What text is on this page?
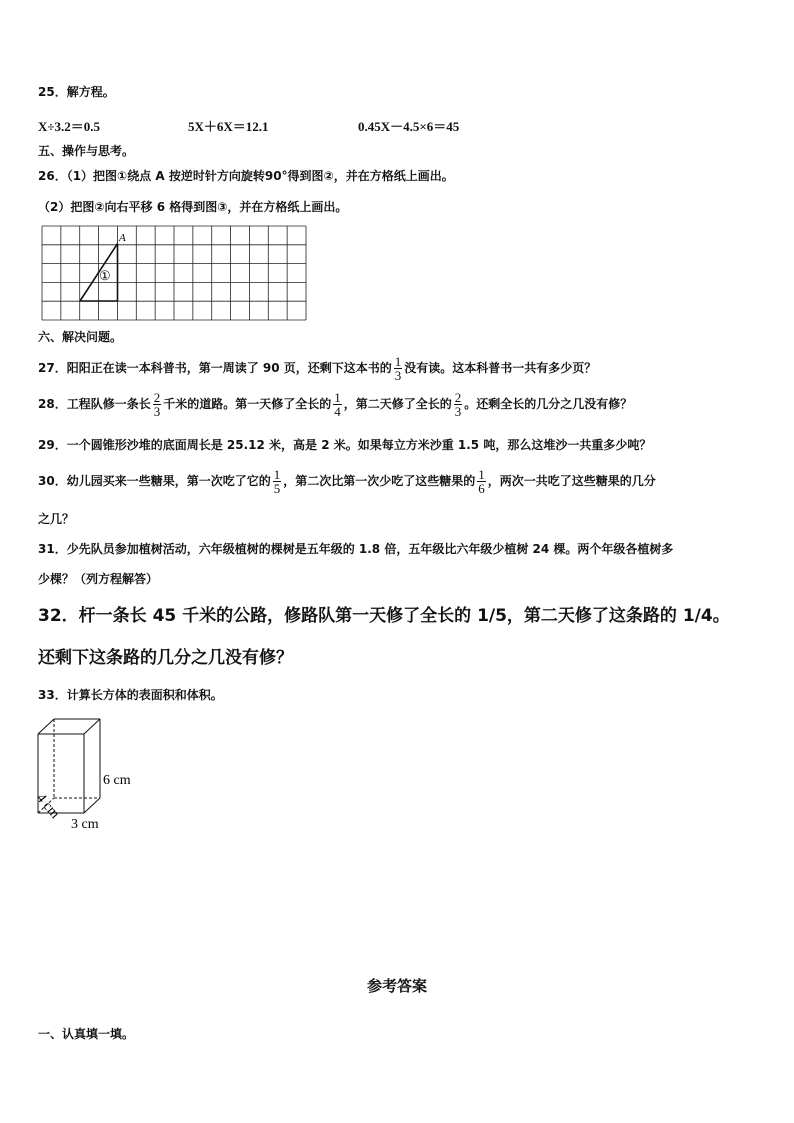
25．解方程。
X÷3.2＝0.5	5X＋6X＝12.1	0.45X－4.5×6＝45
五、操作与思考。
26．（1）把图①绕点 A 按逆时针方向旋转90°得到图②，并在方格纸上画出。
（2）把图②向右平移 6 格得到图③，并在方格纸上画出。
A
①
六、解决问题。
27．阳阳正在读一本科普书，第一周读了 90 页，还剩下这本书的 $\frac{1}{3}$ 没有读。这本科普书一共有多少页？
28．工程队修一条长 $\frac{2}{3}$ 千米的道路。第一天修了全长的 $\frac{1}{4}$ ，第二天修了全长的 $\frac{2}{3}$ 。还剩全长的几分之几没有修？
29．一个圆锥形沙堆的底面周长是 25.12 米，高是 2 米。如果每立方米沙重 1.5 吨，那么这堆沙一共重多少吨？
30．幼儿园买来一些糖果，第一次吃了它的 $\frac{1}{5}$ ，第二次比第一次少吃了这些糖果的 $\frac{1}{6}$ ，两次一共吃了这些糖果的几分
之几？
31．少先队员参加植树活动，六年级植树的棵树是五年级的 1.8 倍，五年级比六年级少植树 24 棵。两个年级各植树多
少棵？（列方程解答）
32．杆一条长 45 千米的公路，修路队第一天修了全长的 1/5，第二天修了这条路的 1/4。
还剩下这条路的几分之几没有修？
33．计算长方体的表面积和体积。
6 cm
4 cm
3 cm
参考答案
一、认真填一填。
